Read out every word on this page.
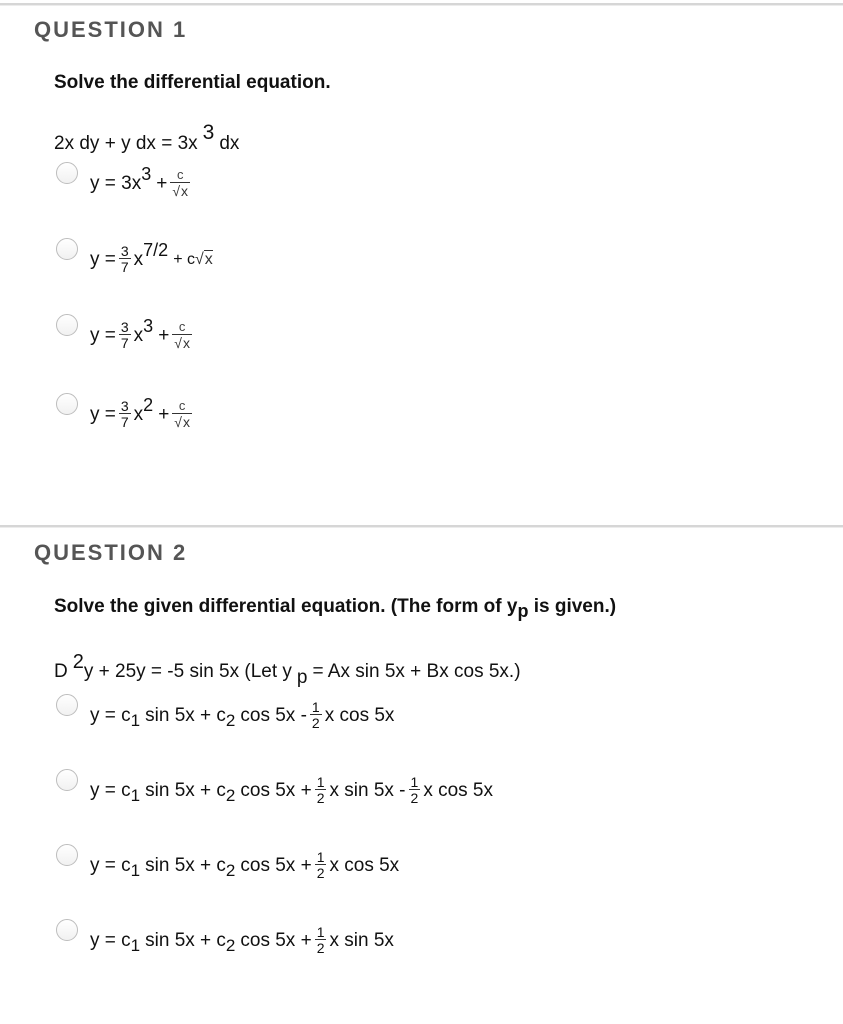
QUESTION 1
Solve the differential equation.
2x dy + y dx = 3x 3 dx
y = 3x $3 + \frac{c}{√x}$
$y = \frac{3}{7}$ x 7/2 + c √x
$y = \frac{3}{7}$ x $3 + \frac{c}{√x}$
$y = \frac{3}{7}$ x $2 + \frac{c}{√x}$
QUESTION 2
Solve the given differential equation. (The form of yp is given.)
D 2y + 25y = -5 sin 5x (Let y p = Ax sin 5x + Bx cos 5x.)
y = c 1 sin 5x + c 2 $\cos 5x - \frac{1}{2}$ x cos 5x
y = c 1 sin 5x + c 2 $\cos 5x + \frac{1}{2}$ x $\sin 5x - \frac{1}{2}$ x cos 5x
y = c 1 sin 5x + c 2 $\cos 5x + \frac{1}{2}$ x cos 5x
y = c 1 sin 5x + c 2 $\cos 5x + \frac{1}{2}$ x sin 5x
